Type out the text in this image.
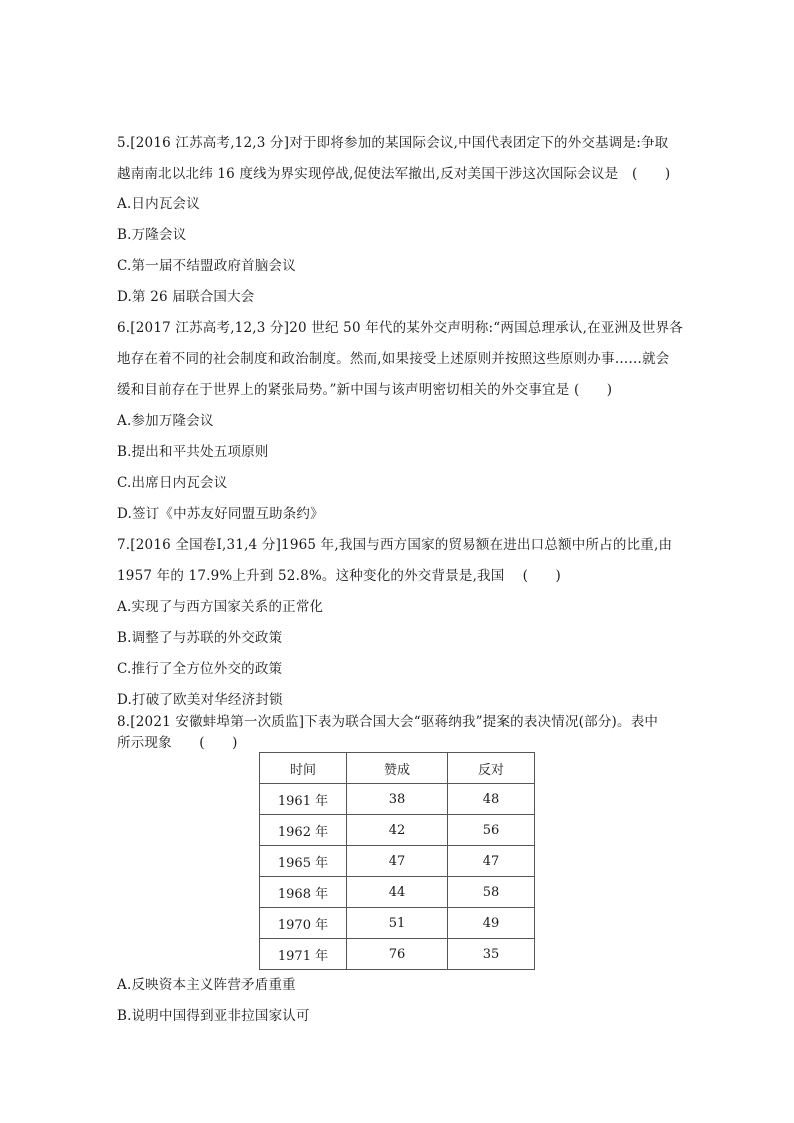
5.[2016 江苏高考,12,3 分]对于即将参加的某国际会议,中国代表团定下的外交基调是:争取
越南南北以北纬 16 度线为界实现停战,促使法军撤出,反对美国干涉这次国际会议是　(　　)
A.日内瓦会议
B.万隆会议
C.第一届不结盟政府首脑会议
D.第 26 届联合国大会
6.[2017 江苏高考,12,3 分]20 世纪 50 年代的某外交声明称:“两国总理承认,在亚洲及世界各
地存在着不同的社会制度和政治制度。然而,如果接受上述原则并按照这些原则办事……就会
缓和目前存在于世界上的紧张局势。”新中国与该声明密切相关的外交事宜是 (　　)
A.参加万隆会议
B.提出和平共处五项原则
C.出席日内瓦会议
D.签订《中苏友好同盟互助条约》
7.[2016 全国卷Ⅰ,31,4 分]1965 年,我国与西方国家的贸易额在进出口总额中所占的比重,由
1957 年的 17.9%上升到 52.8%。这种变化的外交背景是,我国　 (　　)
A.实现了与西方国家关系的正常化
B.调整了与苏联的外交政策
C.推行了全方位外交的政策
D.打破了欧美对华经济封锁
8.[2021 安徽蚌埠第一次质监]下表为联合国大会“驱蒋纳我”提案的表决情况(部分)。表中
时间	赞成	反对
1961 年	38	48
1962 年	42	56
1965 年	47	47
1968 年	44	58
1970 年	51	49
1971 年	76	35
A.反映资本主义阵营矛盾重重
B.说明中国得到亚非拉国家认可
所示现象　　(　　)
